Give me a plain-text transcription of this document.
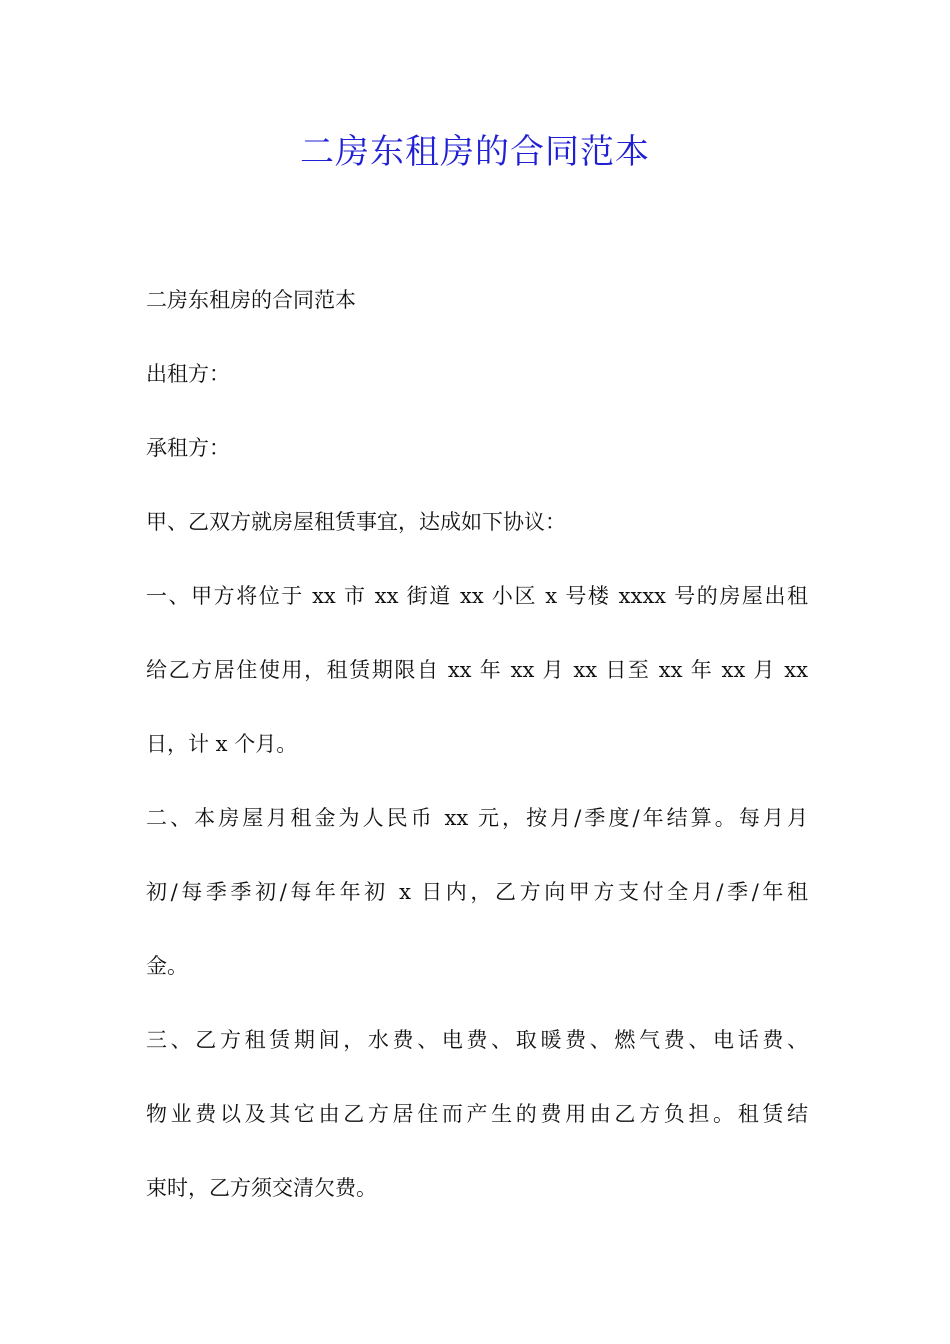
二房东租房的合同范本
二房东租房的合同范本
出租方：
承租方：
甲、乙双方就房屋租赁事宜，达成如下协议：
一、甲方将位于 xx 市 xx 街道 xx 小区 x 号楼 xxxx 号的房屋出租
给乙方居住使用，租赁期限自 xx 年 xx 月 xx 日至 xx 年 xx 月 xx
日，计 x 个月。
二、本房屋月租金为人民币 xx 元，按月/季度/年结算。每月月
初/每季季初/每年年初 x 日内，乙方向甲方支付全月/季/年租
金。
三、乙方租赁期间，水费、电费、取暖费、燃气费、电话费、
物业费以及其它由乙方居住而产生的费用由乙方负担。租赁结
束时，乙方须交清欠费。
